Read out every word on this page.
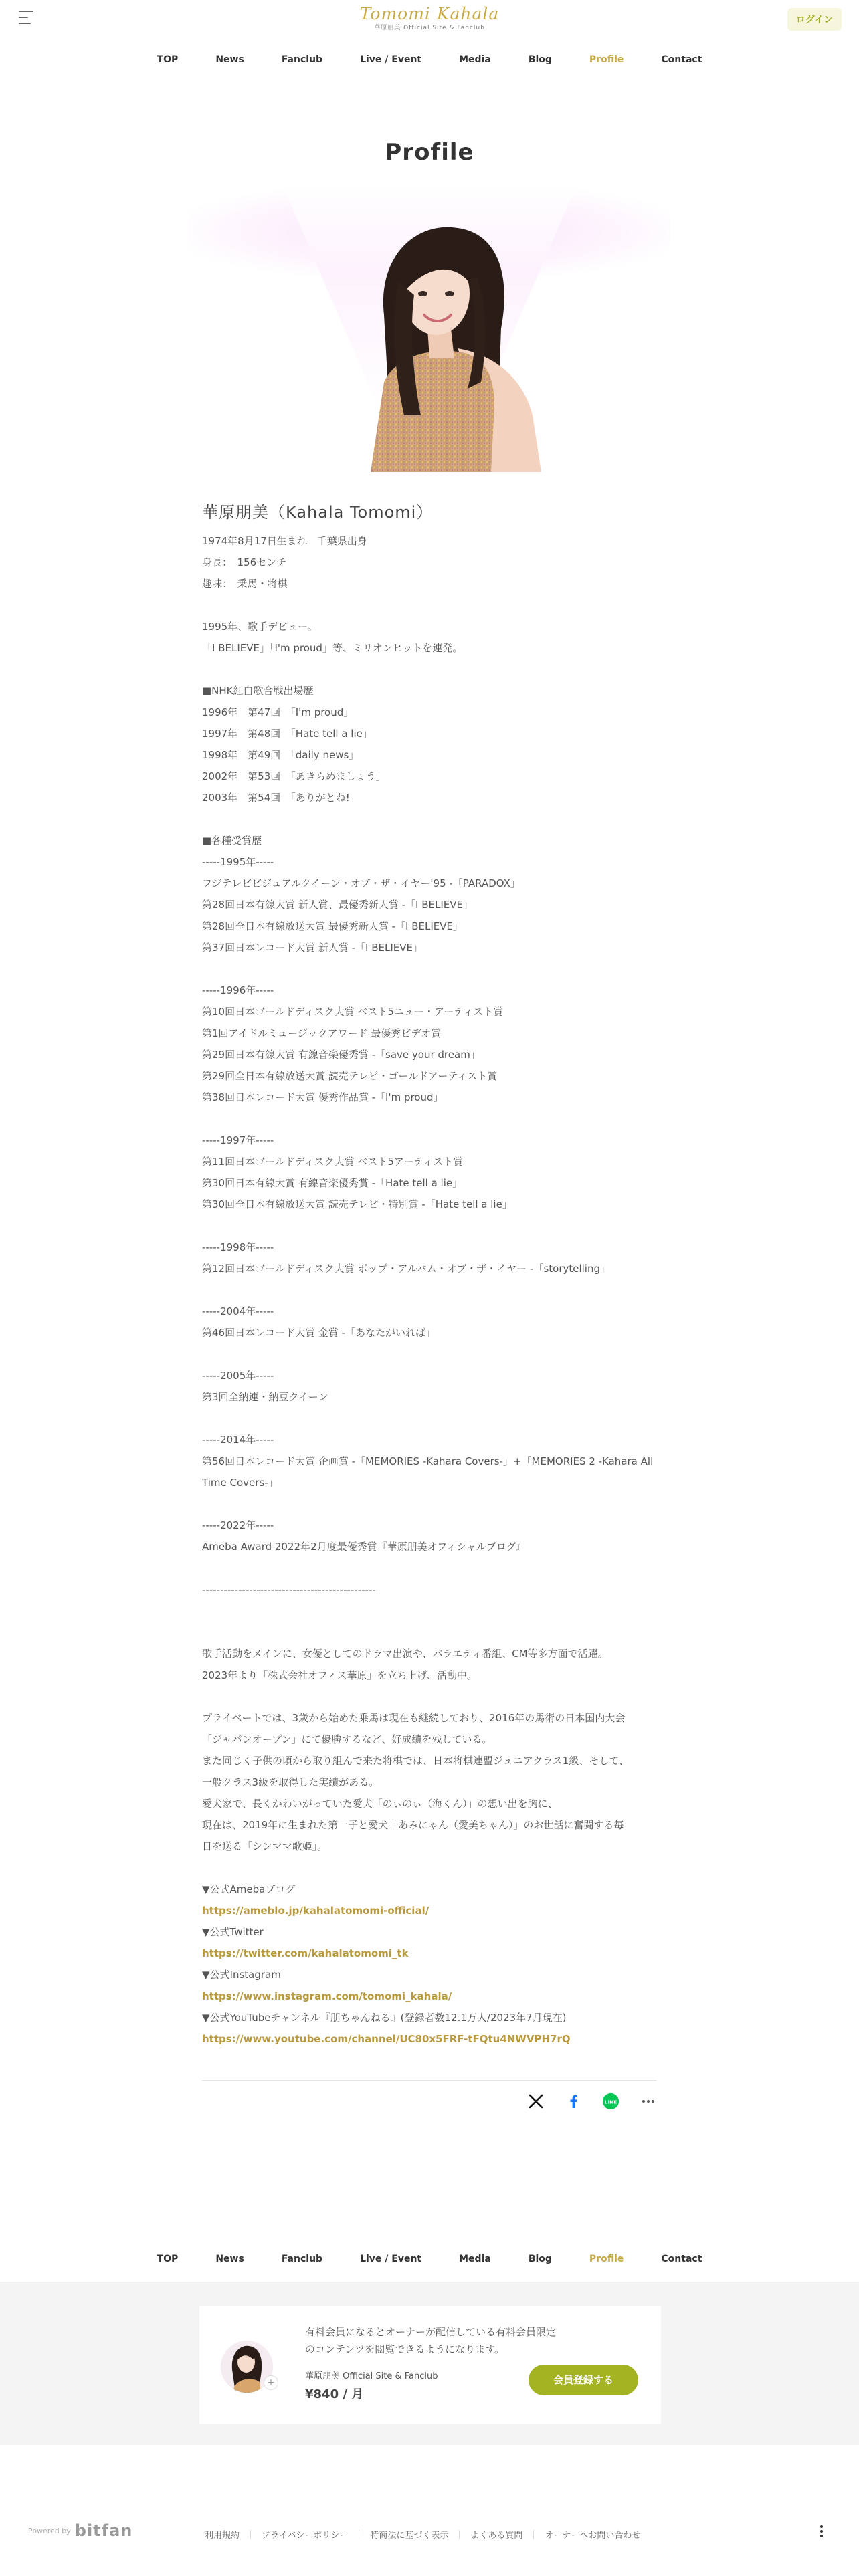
Tomomi Kahala
華原朋美 Official Site & Fanclub
ログイン
TOP	News	Fanclub	Live / Event	Media	Blog	Profile	Contact
Profile
華原朋美（Kahala Tomomi）
1974年8月17日生まれ　千葉県出身
身長：　156センチ
趣味：　乗馬・将棋
1995年、歌手デビュー。
「I BELIEVE」「I'm proud」等、ミリオンヒットを連発。
■NHK紅白歌合戦出場歴
1996年　第47回　「I'm proud」
1997年　第48回　「Hate tell a lie」
1998年　第49回　「daily news」
2002年　第53回　「あきらめましょう」
2003年　第54回　「ありがとね!」
■各種受賞歴
-----1995年-----
フジテレビビジュアルクイーン・オブ・ザ・イヤー'95 -「PARADOX」
第28回日本有線大賞 新人賞、最優秀新人賞 -「I BELIEVE」
第28回全日本有線放送大賞 最優秀新人賞 -「I BELIEVE」
第37回日本レコード大賞 新人賞 -「I BELIEVE」
-----1996年-----
第10回日本ゴールドディスク大賞 ベスト5ニュー・アーティスト賞
第1回アイドルミュージックアワード 最優秀ビデオ賞
第29回日本有線大賞 有線音楽優秀賞 -「save your dream」
第29回全日本有線放送大賞 読売テレビ・ゴールドアーティスト賞
第38回日本レコード大賞 優秀作品賞 -「I'm proud」
-----1997年-----
第11回日本ゴールドディスク大賞 ベスト5アーティスト賞
第30回日本有線大賞 有線音楽優秀賞 -「Hate tell a lie」
第30回全日本有線放送大賞 読売テレビ・特別賞 -「Hate tell a lie」
-----1998年-----
第12回日本ゴールドディスク大賞 ポップ・アルバム・オブ・ザ・イヤー -「storytelling」
-----2004年-----
第46回日本レコード大賞 金賞 -「あなたがいれば」
-----2005年-----
第3回全納連・納豆クイーン
-----2014年-----
第56回日本レコード大賞 企画賞 -「MEMORIES -Kahara Covers-」+「MEMORIES 2 -Kahara All
Time Covers-」
-----2022年-----
Ameba Award 2022年2月度最優秀賞『華原朋美オフィシャルブログ』
------------------------------------------------
歌手活動をメインに、女優としてのドラマ出演や、バラエティ番組、CM等多方面で活躍。
2023年より「株式会社オフィス華原」を立ち上げ、活動中。
プライベートでは、3歳から始めた乗馬は現在も継続しており、2016年の馬術の日本国内大会
「ジャパンオープン」にて優勝するなど、好成績を残している。
また同じく子供の頃から取り組んで来た将棋では、日本将棋連盟ジュニアクラス1級、そして、
一般クラス3級を取得した実績がある。
愛犬家で、長くかわいがっていた愛犬「のぃのぃ（海くん）」の想い出を胸に、
現在は、2019年に生まれた第一子と愛犬「あみにゃん（愛美ちゃん）」のお世話に奮闘する毎
日を送る「シンママ歌姫」。
▼公式Amebaブログ
https://ameblo.jp/kahalatomomi-official/
▼公式Twitter
https://twitter.com/kahalatomomi_tk
▼公式Instagram
https://www.instagram.com/tomomi_kahala/
▼公式YouTubeチャンネル『朋ちゃんねる』(登録者数12.1万人/2023年7月現在)
https://www.youtube.com/channel/UC80x5FRF-tFQtu4NWVPH7rQ
LINE
TOP	News	Fanclub	Live / Event	Media	Blog	Profile	Contact
+
有料会員になるとオーナーが配信している有料会員限定のコンテンツを閲覧できるようになります。
華原朋美 Official Site & Fanclub
¥840 / 月
会員登録する
Powered by bitfan	利用規約	プライバシーポリシー	特商法に基づく表示	よくある質問	オーナーへお問い合わせ
